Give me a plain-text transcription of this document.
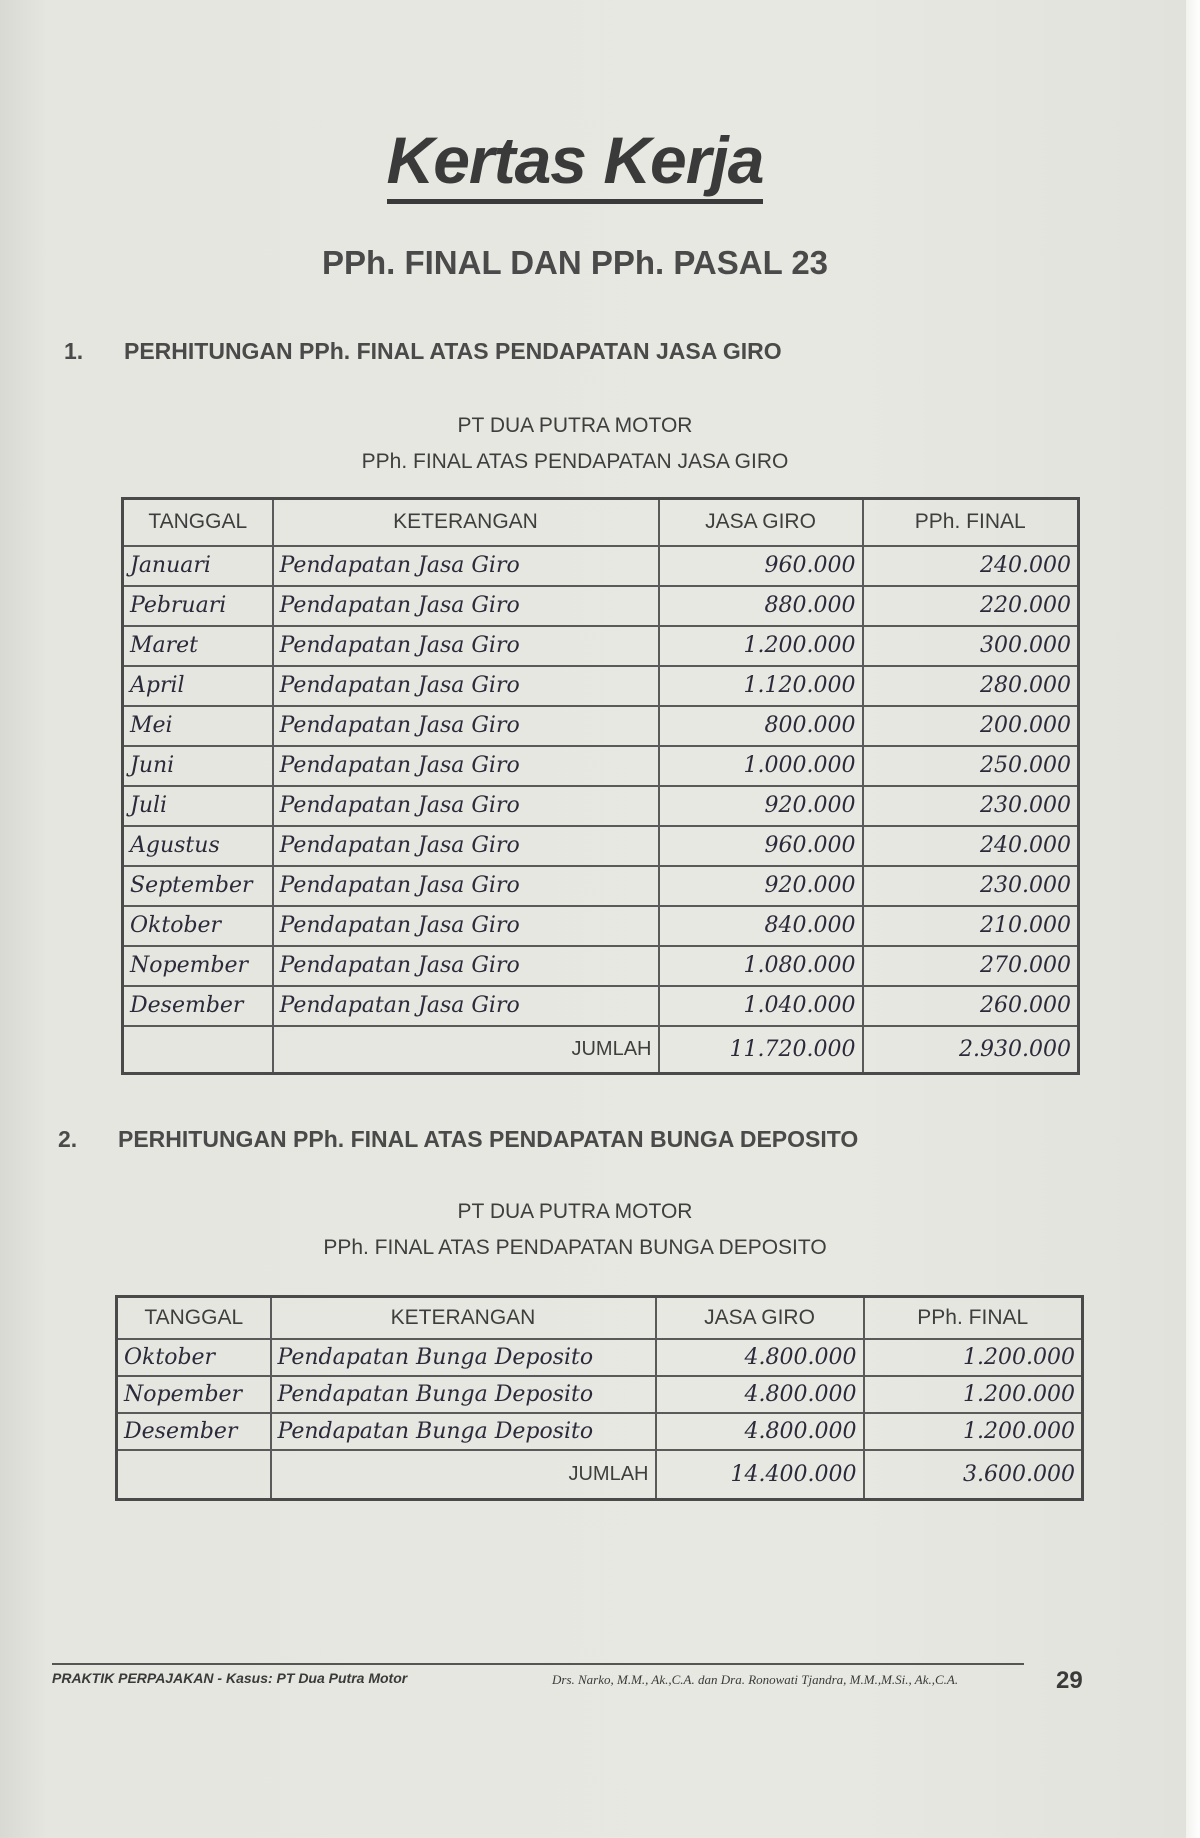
Kertas Kerja
PPh. FINAL DAN PPh. PASAL 23
1. PERHITUNGAN PPh. FINAL ATAS PENDAPATAN JASA GIRO
PT DUA PUTRA MOTOR
PPh. FINAL ATAS PENDAPATAN JASA GIRO
TANGGAL	KETERANGAN	JASA GIRO	PPh. FINAL
Januari	Pendapatan Jasa Giro	960.000	240.000
Pebruari	Pendapatan Jasa Giro	880.000	220.000
Maret	Pendapatan Jasa Giro	1.200.000	300.000
April	Pendapatan Jasa Giro	1.120.000	280.000
Mei	Pendapatan Jasa Giro	800.000	200.000
Juni	Pendapatan Jasa Giro	1.000.000	250.000
Juli	Pendapatan Jasa Giro	920.000	230.000
Agustus	Pendapatan Jasa Giro	960.000	240.000
September	Pendapatan Jasa Giro	920.000	230.000
Oktober	Pendapatan Jasa Giro	840.000	210.000
Nopember	Pendapatan Jasa Giro	1.080.000	270.000
Desember	Pendapatan Jasa Giro	1.040.000	260.000
	JUMLAH	11.720.000	2.930.000
2. PERHITUNGAN PPh. FINAL ATAS PENDAPATAN BUNGA DEPOSITO
PT DUA PUTRA MOTOR
PPh. FINAL ATAS PENDAPATAN BUNGA DEPOSITO
TANGGAL	KETERANGAN	JASA GIRO	PPh. FINAL
Oktober	Pendapatan Bunga Deposito	4.800.000	1.200.000
Nopember	Pendapatan Bunga Deposito	4.800.000	1.200.000
Desember	Pendapatan Bunga Deposito	4.800.000	1.200.000
	JUMLAH	14.400.000	3.600.000
PRAKTIK PERPAJAKAN - Kasus: PT Dua Putra Motor	Drs. Narko, M.M., Ak.,C.A. dan Dra. Ronowati Tjandra, M.M.,M.Si., Ak.,C.A.	29
